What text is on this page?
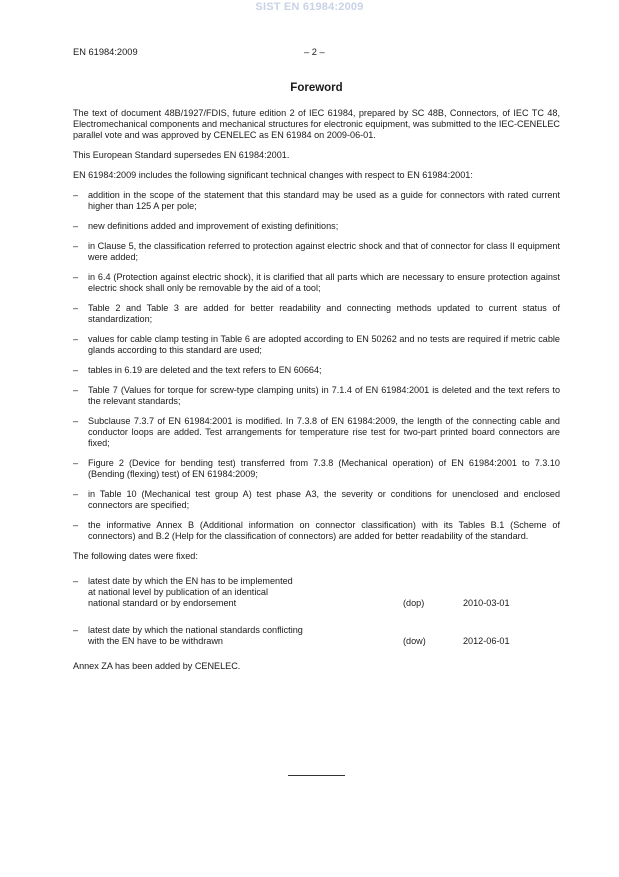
SIST EN 61984:2009
EN 61984:2009	– 2 –
Foreword

The text of document 48B/1927/FDIS, future edition 2 of IEC 61984, prepared by SC 48B, Connectors, of IEC TC 48, Electromechanical components and mechanical structures for electronic equipment, was submitted to the IEC-CENELEC parallel vote and was approved by CENELEC as EN 61984 on 2009-06-01.

This European Standard supersedes EN 61984:2001.

EN 61984:2009 includes the following significant technical changes with respect to EN 61984:2001:

–	addition in the scope of the statement that this standard may be used as a guide for connectors with rated current higher than 125 A per pole;
–	new definitions added and improvement of existing definitions;
–	in Clause 5, the classification referred to protection against electric shock and that of connector for class II equipment were added;
–	in 6.4 (Protection against electric shock), it is clarified that all parts which are necessary to ensure protection against electric shock shall only be removable by the aid of a tool;
–	Table 2 and Table 3 are added for better readability and connecting methods updated to current status of standardization;
–	values for cable clamp testing in Table 6 are adopted according to EN 50262 and no tests are required if metric cable glands according to this standard are used;
–	tables in 6.19 are deleted and the text refers to EN 60664;
–	Table 7 (Values for torque for screw-type clamping units) in 7.1.4 of EN 61984:2001 is deleted and the text refers to the relevant standards;
–	Subclause 7.3.7 of EN 61984:2001 is modified. In 7.3.8 of EN 61984:2009, the length of the connecting cable and conductor loops are added. Test arrangements for temperature rise test for two-part printed board connectors are fixed;
–	Figure 2 (Device for bending test) transferred from 7.3.8 (Mechanical operation) of EN 61984:2001 to 7.3.10 (Bending (flexing) test) of EN 61984:2009;
–	in Table 10 (Mechanical test group A) test phase A3, the severity or conditions for unenclosed and enclosed connectors are specified;
–	the informative Annex B (Additional information on connector classification) with its Tables B.1 (Scheme of connectors) and B.2 (Help for the classification of connectors) are added for better readability of the standard.

The following dates were fixed:

–	latest date by which the EN has to be implemented
at national level by publication of an identical
national standard or by endorsement	(dop)	2010-03-01
–	latest date by which the national standards conflicting
with the EN have to be withdrawn	(dow)	2012-06-01

Annex ZA has been added by CENELEC.
